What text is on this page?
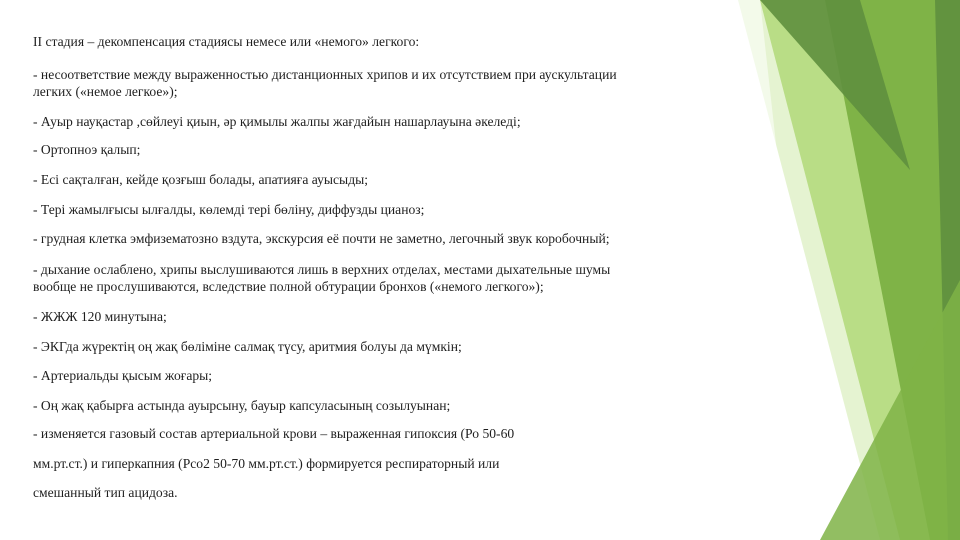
II стадия – декомпенсация стадиясы немесе или «немого» легкого:
- несоответствие между выраженностью дистанционных хрипов и их отсутствием при аускультации
легких («немое легкое»);
- Ауыр науқастар ,сөйлеуі қиын, әр қимылы жалпы жағдайын нашарлауына әкеледі;
- Ортопноэ қалып;
- Есі сақталған, кейде қозғыш болады, апатияға ауысыды;
- Тері жамылғысы ылғалды, көлемді тері бөліну, диффузды цианоз;
- грудная клетка эмфизематозно вздута, экскурсия её почти не заметно, легочный звук коробочный;
- дыхание ослаблено, хрипы выслушиваются лишь в верхних отделах, местами дыхательные шумы
вообще не прослушиваются, вследствие полной обтурации бронхов («немого легкого»);
- ЖЖЖ 120 минутына;
- ЭКГда жүректің оң жақ бөліміне салмақ түсу, аритмия болуы да мүмкін;
- Артериальды қысым жоғары;
- Оң жақ қабырға астында ауырсыну, бауыр капсуласының созылуынан;
- изменяется газовый состав артериальной крови – выраженная гипоксия (Ро 50-60
мм.рт.ст.) и гиперкапния (Рсо2 50-70 мм.рт.ст.) формируется респираторный или
смешанный тип ацидоза.
